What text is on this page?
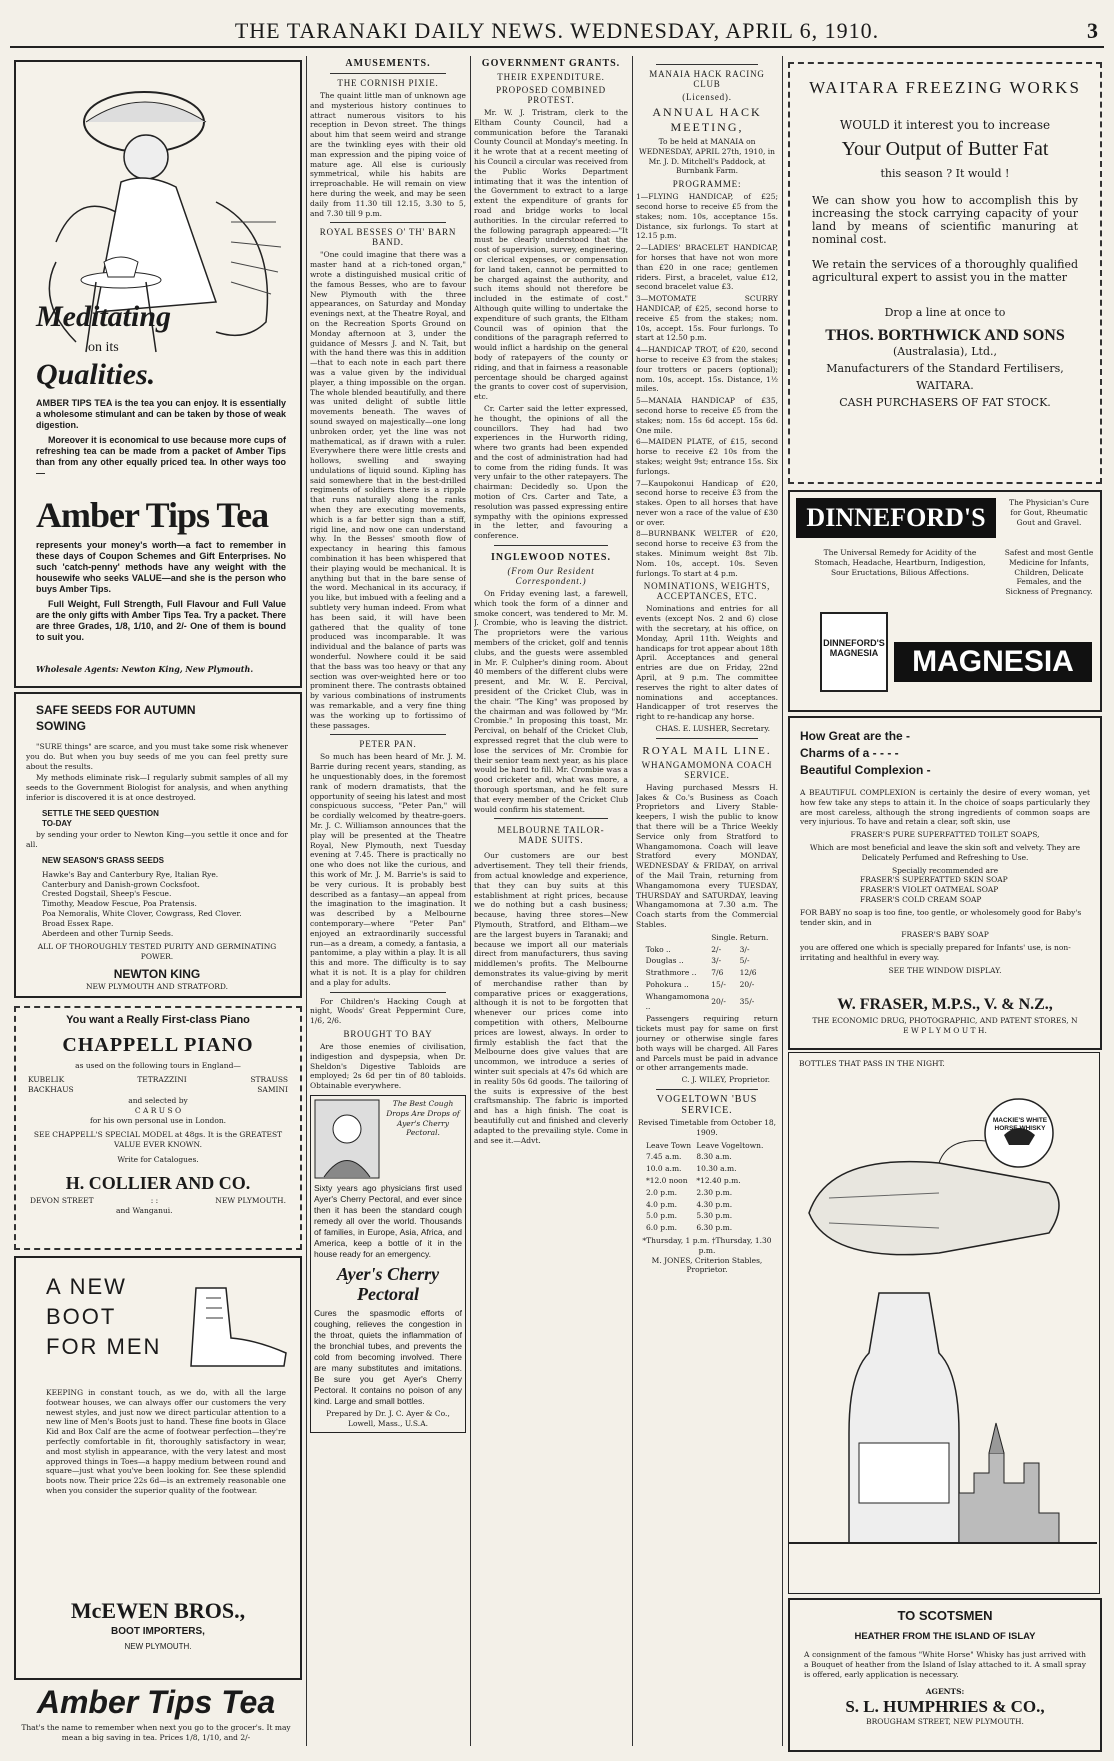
THE TARANAKI DAILY NEWS. WEDNESDAY, APRIL 6, 1910.	3
Meditating
on its
Qualities.

AMBER TIPS TEA is the tea you can enjoy. It is essentially a wholesome stimulant and can be taken by those of weak digestion.

Moreover it is economical to use because more cups of refreshing tea can be made from a packet of Amber Tips than from any other equally priced tea. In other ways too—

Amber Tips Tea

represents your money's worth—a fact to remember in these days of Coupon Schemes and Gift Enterprises. No such 'catch-penny' methods have any weight with the housewife who seeks VALUE—and she is the person who buys Amber Tips.

Full Weight, Full Strength, Full Flavour and Full Value are the only gifts with Amber Tips Tea. Try a packet. There are three Grades, 1/8, 1/10, and 2/- One of them is bound to suit you.

Wholesale Agents: Newton King, New Plymouth.
SAFE SEEDS FOR AUTUMN SOWING

"SURE things" are scarce, and you must take some risk whenever you do. But when you buy seeds of me you can feel pretty sure about the results.

My methods eliminate risk—I regularly submit samples of all my seeds to the Government Biologist for analysis, and when anything inferior is discovered it is at once destroyed.

SETTLE THE SEED QUESTION TO-DAY

by sending your order to Newton King—you settle it once and for all.

NEW SEASON'S GRASS SEEDS
Hawke's Bay and Canterbury Rye, Italian Rye.
Canterbury and Danish-grown Cocksfoot.
Crested Dogstail, Sheep's Fescue.
Timothy, Meadow Fescue, Poa Pratensis.
Poa Nemoralis, White Clover, Cowgrass, Red Clover.
Broad Essex Rape.
Aberdeen and other Turnip Seeds.
ALL OF THOROUGHLY TESTED PURITY AND GERMINATING POWER.
NEWTON KING
NEW PLYMOUTH AND STRATFORD.
You want a Really First-class Piano
CHAPPELL PIANO
as used on the following tours in England—
KUBELIK
BACKHAUS
TETRAZZINI	STRAUSS
SAMINI
and selected by
C A R U S O
for his own personal use in London.
SEE CHAPPELL'S SPECIAL MODEL at 48gs. It is the GREATEST VALUE EVER KNOWN.
Write for Catalogues.
H. COLLIER AND CO.
DEVON STREET	: :	NEW PLYMOUTH.
and Wanganui.
A NEW
BOOT
FOR MEN
KEEPING in constant touch, as we do, with all the large footwear houses, we can always offer our customers the very newest styles, and just now we direct particular attention to a new line of Men's Boots just to hand. These fine boots in Glace Kid and Box Calf are the acme of footwear perfection—they're perfectly comfortable in fit, thoroughly satisfactory in wear, and most stylish in appearance, with the very latest and most approved things in Toes—a happy medium between round and square—just what you've been looking for. See these splendid boots now. Their price 22s 6d—is an extremely reasonable one when you consider the superior quality of the footwear.
McEWEN BROS.,
BOOT IMPORTERS,
NEW PLYMOUTH.
Amber Tips Tea
That's the name to remember when next you go to the grocer's. It may mean a big saving in tea. Prices 1/8, 1/10, and 2/-
AMUSEMENTS.
THE CORNISH PIXIE.

The quaint little man of unknown age and mysterious history continues to attract numerous visitors to his reception in Devon street. The things about him that seem weird and strange are the twinkling eyes with their old man expression and the piping voice of mature age. All else is curiously symmetrical, while his habits are irreproachable. He will remain on view here during the week, and may be seen daily from 11.30 till 12.15, 3.30 to 5, and 7.30 till 9 p.m.

ROYAL BESSES O' TH' BARN BAND.

"One could imagine that there was a master hand at a rich-toned organ," wrote a distinguished musical critic of the famous Besses, who are to favour New Plymouth with the three appearances, on Saturday and Monday evenings next, at the Theatre Royal, and on the Recreation Sports Ground on Monday afternoon at 3, under the guidance of Messrs J. and N. Tait, but with the hand there was this in addition—that to each note in each part there was a value given by the individual player, a thing impossible on the organ. The whole blended beautifully, and there was united delight of subtle little movements beneath. The waves of sound swayed on majestically—one long unbroken order, yet the line was not mathematical, as if drawn with a ruler. Everywhere there were little crests and hollows, swelling and swaying undulations of liquid sound. Kipling has said somewhere that in the best-drilled regiments of soldiers there is a ripple that runs naturally along the ranks when they are executing movements, which is a far better sign than a stiff, rigid line, and now one can understand why. In the Besses' smooth flow of expectancy in hearing this famous combination it has been whispered that their playing would be mechanical. It is anything but that in the bare sense of the word. Mechanical in its accuracy, if you like, but imbued with a feeling and a subtlety very human indeed. From what has been said, it will have been gathered that the quality of tone produced was incomparable. It was individual and the balance of parts was wonderful. Nowhere could it be said that the bass was too heavy or that any section was over-weighted here or too prominent there. The contrasts obtained by various combinations of instruments was remarkable, and a very fine thing was the working up to fortissimo of these passages.

PETER PAN.

So much has been heard of Mr. J. M. Barrie during recent years, standing, as he unquestionably does, in the foremost rank of modern dramatists, that the opportunity of seeing his latest and most conspicuous success, "Peter Pan," will be cordially welcomed by theatre-goers. Mr. J. C. Williamson announces that the play will be presented at the Theatre Royal, New Plymouth, next Tuesday evening at 7.45. There is practically no one who does not like the curious, and this work of Mr. J. M. Barrie's is said to be very curious. It is probably best described as a fantasy—an appeal from the imagination to the imagination. It was described by a Melbourne contemporary—where "Peter Pan" enjoyed an extraordinarily successful run—as a dream, a comedy, a fantasia, a pantomime, a play within a play. It is all this and more. The difficulty is to say what it is not. It is a play for children and a play for adults.

For Children's Hacking Cough at night, Woods' Great Peppermint Cure, 1/6, 2/6.

BROUGHT TO BAY

Are those enemies of civilisation, indigestion and dyspepsia, when Dr. Sheldon's Digestive Tabloids are employed; 2s 6d per tin of 80 tabloids. Obtainable everywhere.

The Best Cough Drops Are Drops of Ayer's Cherry Pectoral.

Sixty years ago physicians first used Ayer's Cherry Pectoral, and ever since then it has been the standard cough remedy all over the world. Thousands of families, in Europe, Asia, Africa, and America, keep a bottle of it in the house ready for an emergency.

Ayer's Cherry Pectoral

Cures the spasmodic efforts of coughing, relieves the congestion in the throat, quiets the inflammation of the bronchial tubes, and prevents the cold from becoming involved. There are many substitutes and imitations. Be sure you get Ayer's Cherry Pectoral. It contains no poison of any kind. Large and small bottles.

Prepared by Dr. J. C. Ayer & Co., Lowell, Mass., U.S.A.
GOVERNMENT GRANTS.
THEIR EXPENDITURE.
PROPOSED COMBINED PROTEST.

Mr. W. J. Tristram, clerk to the Eltham County Council, had a communication before the Taranaki County Council at Monday's meeting. In it he wrote that at a recent meeting of his Council a circular was received from the Public Works Department intimating that it was the intention of the Government to extract to a large extent the expenditure of grants for road and bridge works to local authorities. In the circular referred to the following paragraph appeared:—"It must be clearly understood that the cost of supervision, survey, engineering, or clerical expenses, or compensation for land taken, cannot be permitted to be charged against the authority, and such items should not therefore be included in the estimate of cost." Although quite willing to undertake the expenditure of such grants, the Eltham Council was of opinion that the conditions of the paragraph referred to would inflict a hardship on the general body of ratepayers of the county or riding, and that in fairness a reasonable percentage should be charged against the grants to cover cost of supervision, etc.

Cr. Carter said the letter expressed, he thought, the opinions of all the councillors. They had had two experiences in the Hurworth riding, where two grants had been expended and the cost of administration had had to come from the riding funds. It was very unfair to the other ratepayers. The chairman: Decidedly so. Upon the motion of Crs. Carter and Tate, a resolution was passed expressing entire sympathy with the opinions expressed in the letter, and favouring a conference.

INGLEWOOD NOTES.
(From Our Resident Correspondent.)

On Friday evening last, a farewell, which took the form of a dinner and smoke concert, was tendered to Mr. M. J. Crombie, who is leaving the district. The proprietors were the various members of the cricket, golf and tennis clubs, and the guests were assembled in Mr. F. Culpher's dining room. About 40 members of the different clubs were present, and Mr. W. E. Percival, president of the Cricket Club, was in the chair. "The King" was proposed by the chairman and was followed by "Mr. Crombie." In proposing this toast, Mr. Percival, on behalf of the Cricket Club, expressed regret that the club were to lose the services of Mr. Crombie for their senior team next year, as his place would be hard to fill. Mr. Crombie was a good cricketer and, what was more, a thorough sportsman, and he felt sure that every member of the Cricket Club would confirm his statement.

MELBOURNE TAILOR-MADE SUITS.

Our customers are our best advertisement. They tell their friends, from actual knowledge and experience, that they can buy suits at this establishment at right prices, because we do nothing but a cash business; because, having three stores—New Plymouth, Stratford, and Eltham—we are the largest buyers in Taranaki; and because we import all our materials direct from manufacturers, thus saving middlemen's profits. The Melbourne demonstrates its value-giving by merit of merchandise rather than by comparative prices or exaggerations, although it is not to be forgotten that whenever our prices come into competition with others, Melbourne prices are lowest, always. In order to firmly establish the fact that the Melbourne does give values that are uncommon, we introduce a series of winter suit specials at 47s 6d which are in reality 50s 6d goods. The tailoring of the suits is expressive of the best craftsmanship. The fabric is imported and has a high finish. The coat is beautifully cut and finished and cleverly adapted to the prevailing style. Come in and see it.—Advt.

MANAIA HACK RACING CLUB
(Licensed).
ANNUAL HACK MEETING,

To be held at MANAIA on WEDNESDAY, APRIL 27th, 1910, in Mr. J. D. Mitchell's Paddock, at Burnbank Farm.

PROGRAMME:

1—FLYING HANDICAP, of £25; second horse to receive £5 from the stakes; nom. 10s, acceptance 15s. Distance, six furlongs. To start at 12.15 p.m.

2—LADIES' BRACELET HANDICAP, for horses that have not won more than £20 in one race; gentlemen riders. First, a bracelet, value £12, second bracelet value £3.

3—MOTOMATE SCURRY HANDICAP, of £25, second horse to receive £5 from the stakes; nom. 10s, accept. 15s. Four furlongs. To start at 12.50 p.m.

4—HANDICAP TROT, of £20, second horse to receive £3 from the stakes; four trotters or pacers (optional); nom. 10s, accept. 15s. Distance, 1½ miles.

5—MANAIA HANDICAP of £35, second horse to receive £5 from the stakes; nom. 15s 6d accept. 15s 6d. One mile.

6—MAIDEN PLATE, of £15, second horse to receive £2 10s from the stakes; weight 9st; entrance 15s. Six furlongs.

7—Kaupokonui Handicap of £20, second horse to receive £3 from the stakes. Open to all horses that have never won a race of the value of £30 or over.

8—BURNBANK WELTER of £20, second horse to receive £3 from the stakes. Minimum weight 8st 7lb. Nom. 10s, accept. 10s. Seven furlongs. To start at 4 p.m.

NOMINATIONS, WEIGHTS, ACCEPTANCES, ETC.

Nominations and entries for all events (except Nos. 2 and 6) close with the secretary, at his office, on Monday, April 11th. Weights and handicaps for trot appear about 18th April. Acceptances and general entries are due on Friday, 22nd April, at 9 p.m. The committee reserves the right to alter dates of nominations and acceptances. Handicapper of trot reserves the right to re-handicap any horse.

CHAS. E. LUSHER, Secretary.
ROYAL MAIL LINE.
WHANGAMOMONA COACH SERVICE.

Having purchased Messrs H. Jakes & Co.'s Business as Coach Proprietors and Livery Stable-keepers, I wish the public to know that there will be a Thrice Weekly Service only from Stratford to Whangamomona. Coach will leave Stratford every MONDAY, WEDNESDAY & FRIDAY, on arrival of the Mail Train, returning from Whangamomona every TUESDAY, THURSDAY and SATURDAY, leaving Whangamomona at 7.30 a.m. The Coach starts from the Commercial Stables.

	Single.	Return.
Toko ..	2/-	3/-
Douglas ..	3/-	5/-
Strathmore ..	7/6	12/6
Pohokura ..	15/-	20/-
Whangamomona ..	20/-	35/-

Passengers requiring return tickets must pay for same on first journey or otherwise single fares both ways will be charged. All Fares and Parcels must be paid in advance or other arrangements made.

C. J. WILEY, Proprietor.
VOGELTOWN 'BUS SERVICE.
Revised Timetable from October 18, 1909.
Leave Town	Leave Vogeltown.
7.45 a.m.	8.30 a.m.
10.0 a.m.	10.30 a.m.
*12.0 noon	*12.40 p.m.
2.0 p.m.	2.30 p.m.
4.0 p.m.	4.30 p.m.
5.0 p.m.	5.30 p.m.
6.0 p.m.	6.30 p.m.
*Thursday, 1 p.m. †Thursday, 1.30 p.m.
M. JONES, Criterion Stables, Proprietor.
WAITARA FREEZING WORKS
WOULD it interest you to increase
Your Output of Butter Fat
this season ? It would !
We can show you how to accomplish this by increasing the stock carrying capacity of your land by means of scientific manuring at nominal cost.
We retain the services of a thoroughly qualified agricultural expert to assist you in the matter
Drop a line at once to
THOS. BORTHWICK AND SONS
(Australasia), Ltd.,
Manufacturers of the Standard Fertilisers,
WAITARA.
CASH PURCHASERS OF FAT STOCK.
DINNEFORD'S
The Physician's Cure for Gout, Rheumatic Gout and Gravel.
The Universal Remedy for Acidity of the Stomach, Headache, Heartburn, Indigestion, Sour Eructations, Bilious Affections.
Safest and most Gentle Medicine for Infants, Children, Delicate Females, and the Sickness of Pregnancy.
DINNEFORD'S MAGNESIA	MAGNESIA
How Great are the -
Charms of a - - - -
Beautiful Complexion -

A BEAUTIFUL COMPLEXION is certainly the desire of every woman, yet how few take any steps to attain it. In the choice of soaps particularly they are most careless, although the strong ingredients of common soaps are very injurious. To have and retain a clear, soft skin, use

FRASER'S PURE SUPERFATTED TOILET SOAPS,
Which are most beneficial and leave the skin soft and velvety. They are Delicately Perfumed and Refreshing to Use.
Specially recommended are
FRASER'S SUPERFATTED SKIN SOAP
FRASER'S VIOLET OATMEAL SOAP
FRASER'S COLD CREAM SOAP

FOR BABY no soap is too fine, too gentle, or wholesomely good for Baby's tender skin, and in

FRASER'S BABY SOAP

you are offered one which is specially prepared for Infants' use, is non-irritating and healthful in every way.

SEE THE WINDOW DISPLAY.
W. FRASER, M.P.S., V. & N.Z.,
THE ECONOMIC DRUG, PHOTOGRAPHIC, AND PATENT STORES, N E W P L Y M O U T H.
BOTTLES THAT PASS IN THE NIGHT.
MACKIE'S WHITE HORSE WHISKY
TO SCOTSMEN
HEATHER FROM THE ISLAND OF ISLAY
A consignment of the famous "White Horse" Whisky has just arrived with a Bouquet of heather from the Island of Islay attached to it. A small spray is offered, early application is necessary.
AGENTS:
S. L. HUMPHRIES & CO.,
BROUGHAM STREET, NEW PLYMOUTH.
